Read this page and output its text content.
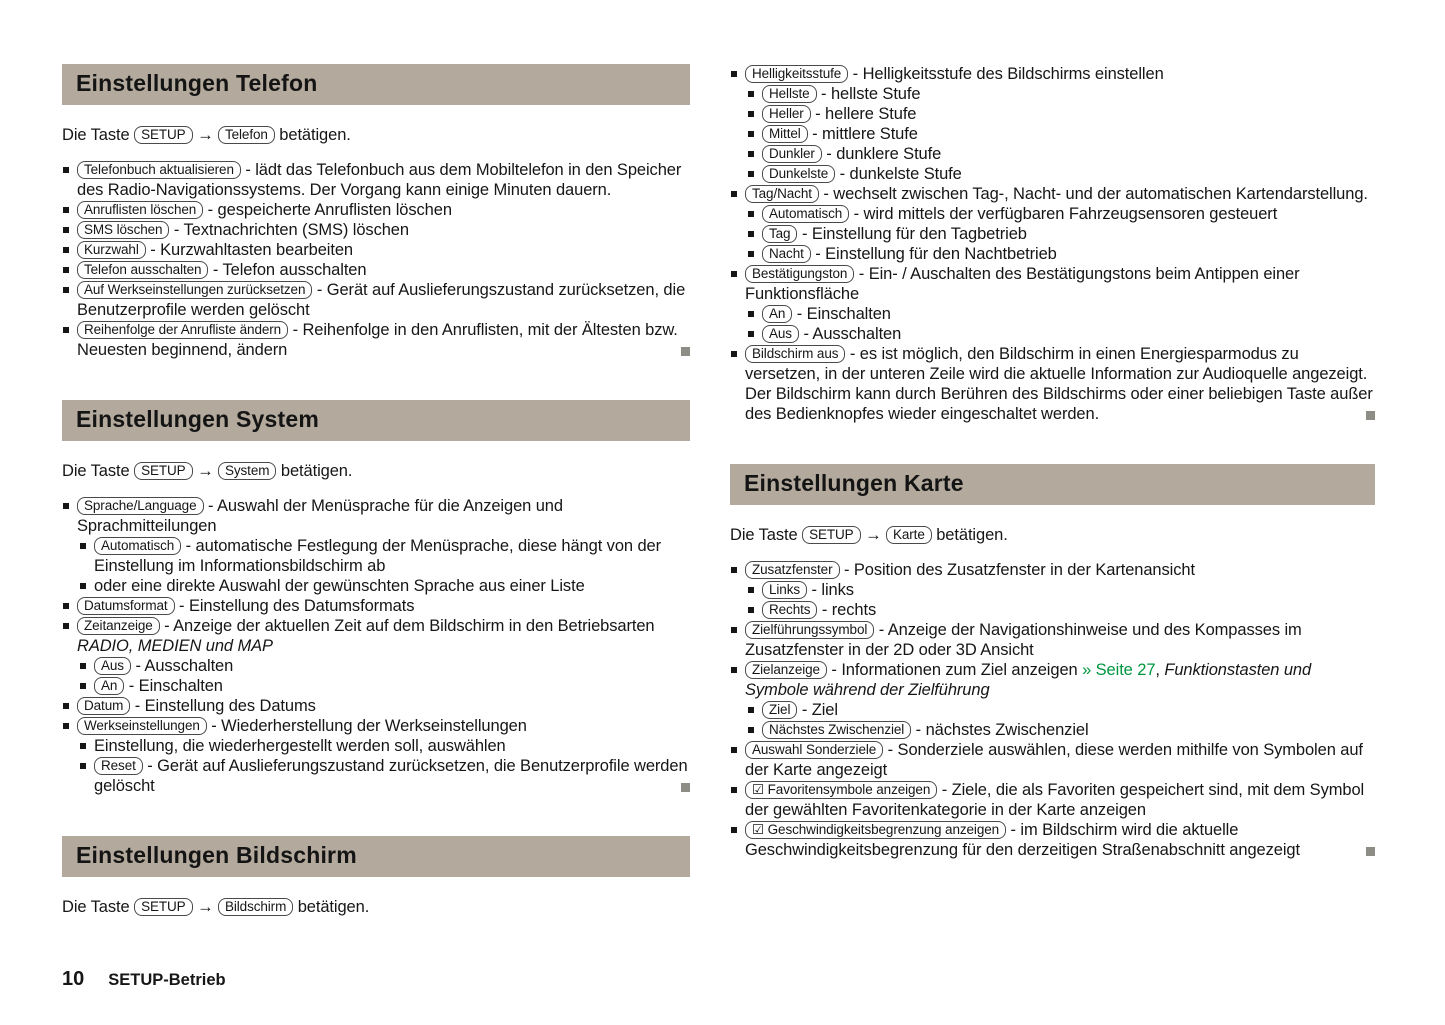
Einstellungen Telefon

Die Taste SETUP → Telefon betätigen.

Telefonbuch aktualisieren - lädt das Telefonbuch aus dem Mobiltelefon in den Speicher des Radio-Navigationssystems. Der Vorgang kann einige Minuten dauern.
Anruflisten löschen - gespeicherte Anruflisten löschen
SMS löschen - Textnachrichten (SMS) löschen
Kurzwahl - Kurzwahltasten bearbeiten
Telefon ausschalten - Telefon ausschalten
Auf Werkseinstellungen zurücksetzen - Gerät auf Auslieferungszustand zurücksetzen, die Benutzerprofile werden gelöscht
Reihenfolge der Anrufliste ändern - Reihenfolge in den Anruflisten, mit der Ältesten bzw. Neuesten beginnend, ändern
Einstellungen System

Die Taste SETUP → System betätigen.

Sprache/Language - Auswahl der Menüsprache für die Anzeigen und Sprachmitteilungen
Automatisch - automatische Festlegung der Menüsprache, diese hängt von der Einstellung im Informationsbildschirm ab
oder eine direkte Auswahl der gewünschten Sprache aus einer Liste
Datumsformat - Einstellung des Datumsformats
Zeitanzeige - Anzeige der aktuellen Zeit auf dem Bildschirm in den Betriebsarten RADIO, MEDIEN und MAP
Aus - Ausschalten
An - Einschalten
Datum - Einstellung des Datums
Werkseinstellungen - Wiederherstellung der Werkseinstellungen
Einstellung, die wiederhergestellt werden soll, auswählen
Reset - Gerät auf Auslieferungszustand zurücksetzen, die Benutzerprofile werden gelöscht
Einstellungen Bildschirm

Die Taste SETUP → Bildschirm betätigen.

Helligkeitsstufe - Helligkeitsstufe des Bildschirms einstellen
Hellste - hellste Stufe
Heller - hellere Stufe
Mittel - mittlere Stufe
Dunkler - dunklere Stufe
Dunkelste - dunkelste Stufe
Tag/Nacht - wechselt zwischen Tag-, Nacht- und der automatischen Kartendarstellung.
Automatisch - wird mittels der verfügbaren Fahrzeugsensoren gesteuert
Tag - Einstellung für den Tagbetrieb
Nacht - Einstellung für den Nachtbetrieb
Bestätigungston - Ein- / Auschalten des Bestätigungstons beim Antippen einer Funktionsfläche
An - Einschalten
Aus - Ausschalten
Bildschirm aus - es ist möglich, den Bildschirm in einen Energiesparmodus zu versetzen, in der unteren Zeile wird die aktuelle Information zur Audioquelle angezeigt. Der Bildschirm kann durch Berühren des Bildschirms oder einer beliebigen Taste außer des Bedienknopfes wieder eingeschaltet werden.
Einstellungen Karte

Die Taste SETUP → Karte betätigen.

Zusatzfenster - Position des Zusatzfenster in der Kartenansicht
Links - links
Rechts - rechts
Zielführungssymbol - Anzeige der Navigationshinweise und des Kompasses im Zusatzfenster in der 2D oder 3D Ansicht
Zielanzeige - Informationen zum Ziel anzeigen » Seite 27, Funktionstasten und Symbole während der Zielführung
Ziel - Ziel
Nächstes Zwischenziel - nächstes Zwischenziel
Auswahl Sonderziele - Sonderziele auswählen, diese werden mithilfe von Symbolen auf der Karte angezeigt
☑ Favoritensymbole anzeigen - Ziele, die als Favoriten gespeichert sind, mit dem Symbol der gewählten Favoritenkategorie in der Karte anzeigen
☑ Geschwindigkeitsbegrenzung anzeigen - im Bildschirm wird die aktuelle Geschwindigkeitsbegrenzung für den derzeitigen Straßenabschnitt angezeigt
10 SETUP-Betrieb
